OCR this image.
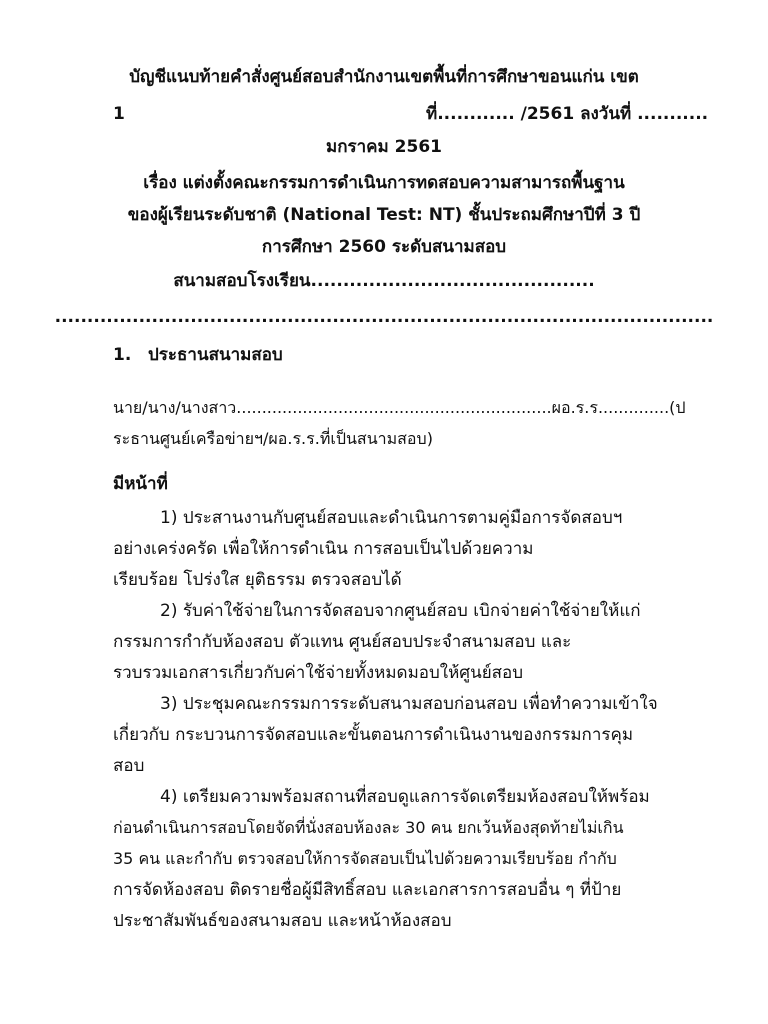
บัญชีแนบท้ายคำสั่งศูนย์สอบสำนักงานเขตพื้นที่การศึกษาขอนแก่น เขต
1	ที่............ /2561 ลงวันที่ ...........
มกราคม 2561
เรื่อง แต่งตั้งคณะกรรมการดำเนินการทดสอบความสามารถพื้นฐาน
ของผู้เรียนระดับชาติ (National Test: NT) ชั้นประถมศึกษาปีที่ 3 ปี
การศึกษา 2560 ระดับสนามสอบ
สนามสอบโรงเรียน............................................
......................................................................................................
1. ประธานสนามสอบ
นาย/นาง/นางสาว..............................................................ผอ.ร.ร..............(ป
ระธานศูนย์เครือข่ายฯ/ผอ.ร.ร.ที่เป็นสนามสอบ)
มีหน้าที่
1) ประสานงานกับศูนย์สอบและดำเนินการตามคู่มือการจัดสอบฯ
อย่างเคร่งครัด เพื่อให้การดำเนิน การสอบเป็นไปด้วยความ
เรียบร้อย โปร่งใส ยุติธรรม ตรวจสอบได้
2) รับค่าใช้จ่ายในการจัดสอบจากศูนย์สอบ เบิกจ่ายค่าใช้จ่ายให้แก่
กรรมการกำกับห้องสอบ ตัวแทน ศูนย์สอบประจำสนามสอบ และ
รวบรวมเอกสารเกี่ยวกับค่าใช้จ่ายทั้งหมดมอบให้ศูนย์สอบ
3) ประชุมคณะกรรมการระดับสนามสอบก่อนสอบ เพื่อทำความเข้าใจ
เกี่ยวกับ กระบวนการจัดสอบและขั้นตอนการดำเนินงานของกรรมการคุม
สอบ
4) เตรียมความพร้อมสถานที่สอบดูแลการจัดเตรียมห้องสอบให้พร้อม
ก่อนดำเนินการสอบโดยจัดที่นั่งสอบห้องละ 30 คน ยกเว้นห้องสุดท้ายไม่เกิน
35 คน และกำกับ ตรวจสอบให้การจัดสอบเป็นไปด้วยความเรียบร้อย กำกับ
การจัดห้องสอบ ติดรายชื่อผู้มีสิทธิ์สอบ และเอกสารการสอบอื่น ๆ ที่ป้าย
ประชาสัมพันธ์ของสนามสอบ และหน้าห้องสอบ
